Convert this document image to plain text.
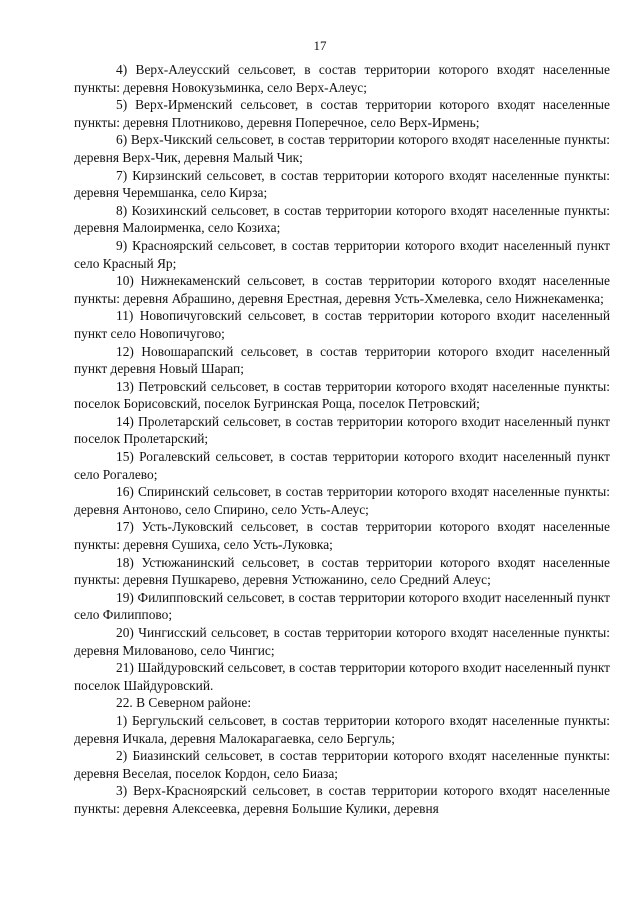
17

4) Верх-Алеусский сельсовет, в состав территории которого входят населенные пункты: деревня Новокузьминка, село Верх-Алеус;

5) Верх-Ирменский сельсовет, в состав территории которого входят населенные пункты: деревня Плотниково, деревня Поперечное, село Верх-Ирмень;

6) Верх-Чикский сельсовет, в состав территории которого входят населенные пункты: деревня Верх-Чик, деревня Малый Чик;

7) Кирзинский сельсовет, в состав территории которого входят населенные пункты: деревня Черемшанка, село Кирза;

8) Козихинский сельсовет, в состав территории которого входят населенные пункты: деревня Малоирменка, село Козиха;

9) Красноярский сельсовет, в состав территории которого входит населенный пункт село Красный Яр;

10) Нижнекаменский сельсовет, в состав территории которого входят населенные пункты: деревня Абрашино, деревня Ерестная, деревня Усть-Хмелевка, село Нижнекаменка;

11) Новопичуговский сельсовет, в состав территории которого входит населенный пункт село Новопичугово;

12) Новошарапский сельсовет, в состав территории которого входит населенный пункт деревня Новый Шарап;

13) Петровский сельсовет, в состав территории которого входят населенные пункты: поселок Борисовский, поселок Бугринская Роща, поселок Петровский;

14) Пролетарский сельсовет, в состав территории которого входит населенный пункт поселок Пролетарский;

15) Рогалевский сельсовет, в состав территории которого входит населенный пункт село Рогалево;

16) Спиринский сельсовет, в состав территории которого входят населенные пункты: деревня Антоново, село Спирино, село Усть-Алеус;

17) Усть-Луковский сельсовет, в состав территории которого входят населенные пункты: деревня Сушиха, село Усть-Луковка;

18) Устюжанинский сельсовет, в состав территории которого входят населенные пункты: деревня Пушкарево, деревня Устюжанино, село Средний Алеус;

19) Филипповский сельсовет, в состав территории которого входит населенный пункт село Филиппово;

20) Чингисский сельсовет, в состав территории которого входят населенные пункты: деревня Милованово, село Чингис;

21) Шайдуровский сельсовет, в состав территории которого входит населенный пункт поселок Шайдуровский.

22. В Северном районе:

1) Бергульский сельсовет, в состав территории которого входят населенные пункты: деревня Ичкала, деревня Малокарагаевка, село Бергуль;

2) Биазинский сельсовет, в состав территории которого входят населенные пункты: деревня Веселая, поселок Кордон, село Биаза;

3) Верх-Красноярский сельсовет, в состав территории которого входят населенные пункты: деревня Алексеевка, деревня Большие Кулики, деревня
